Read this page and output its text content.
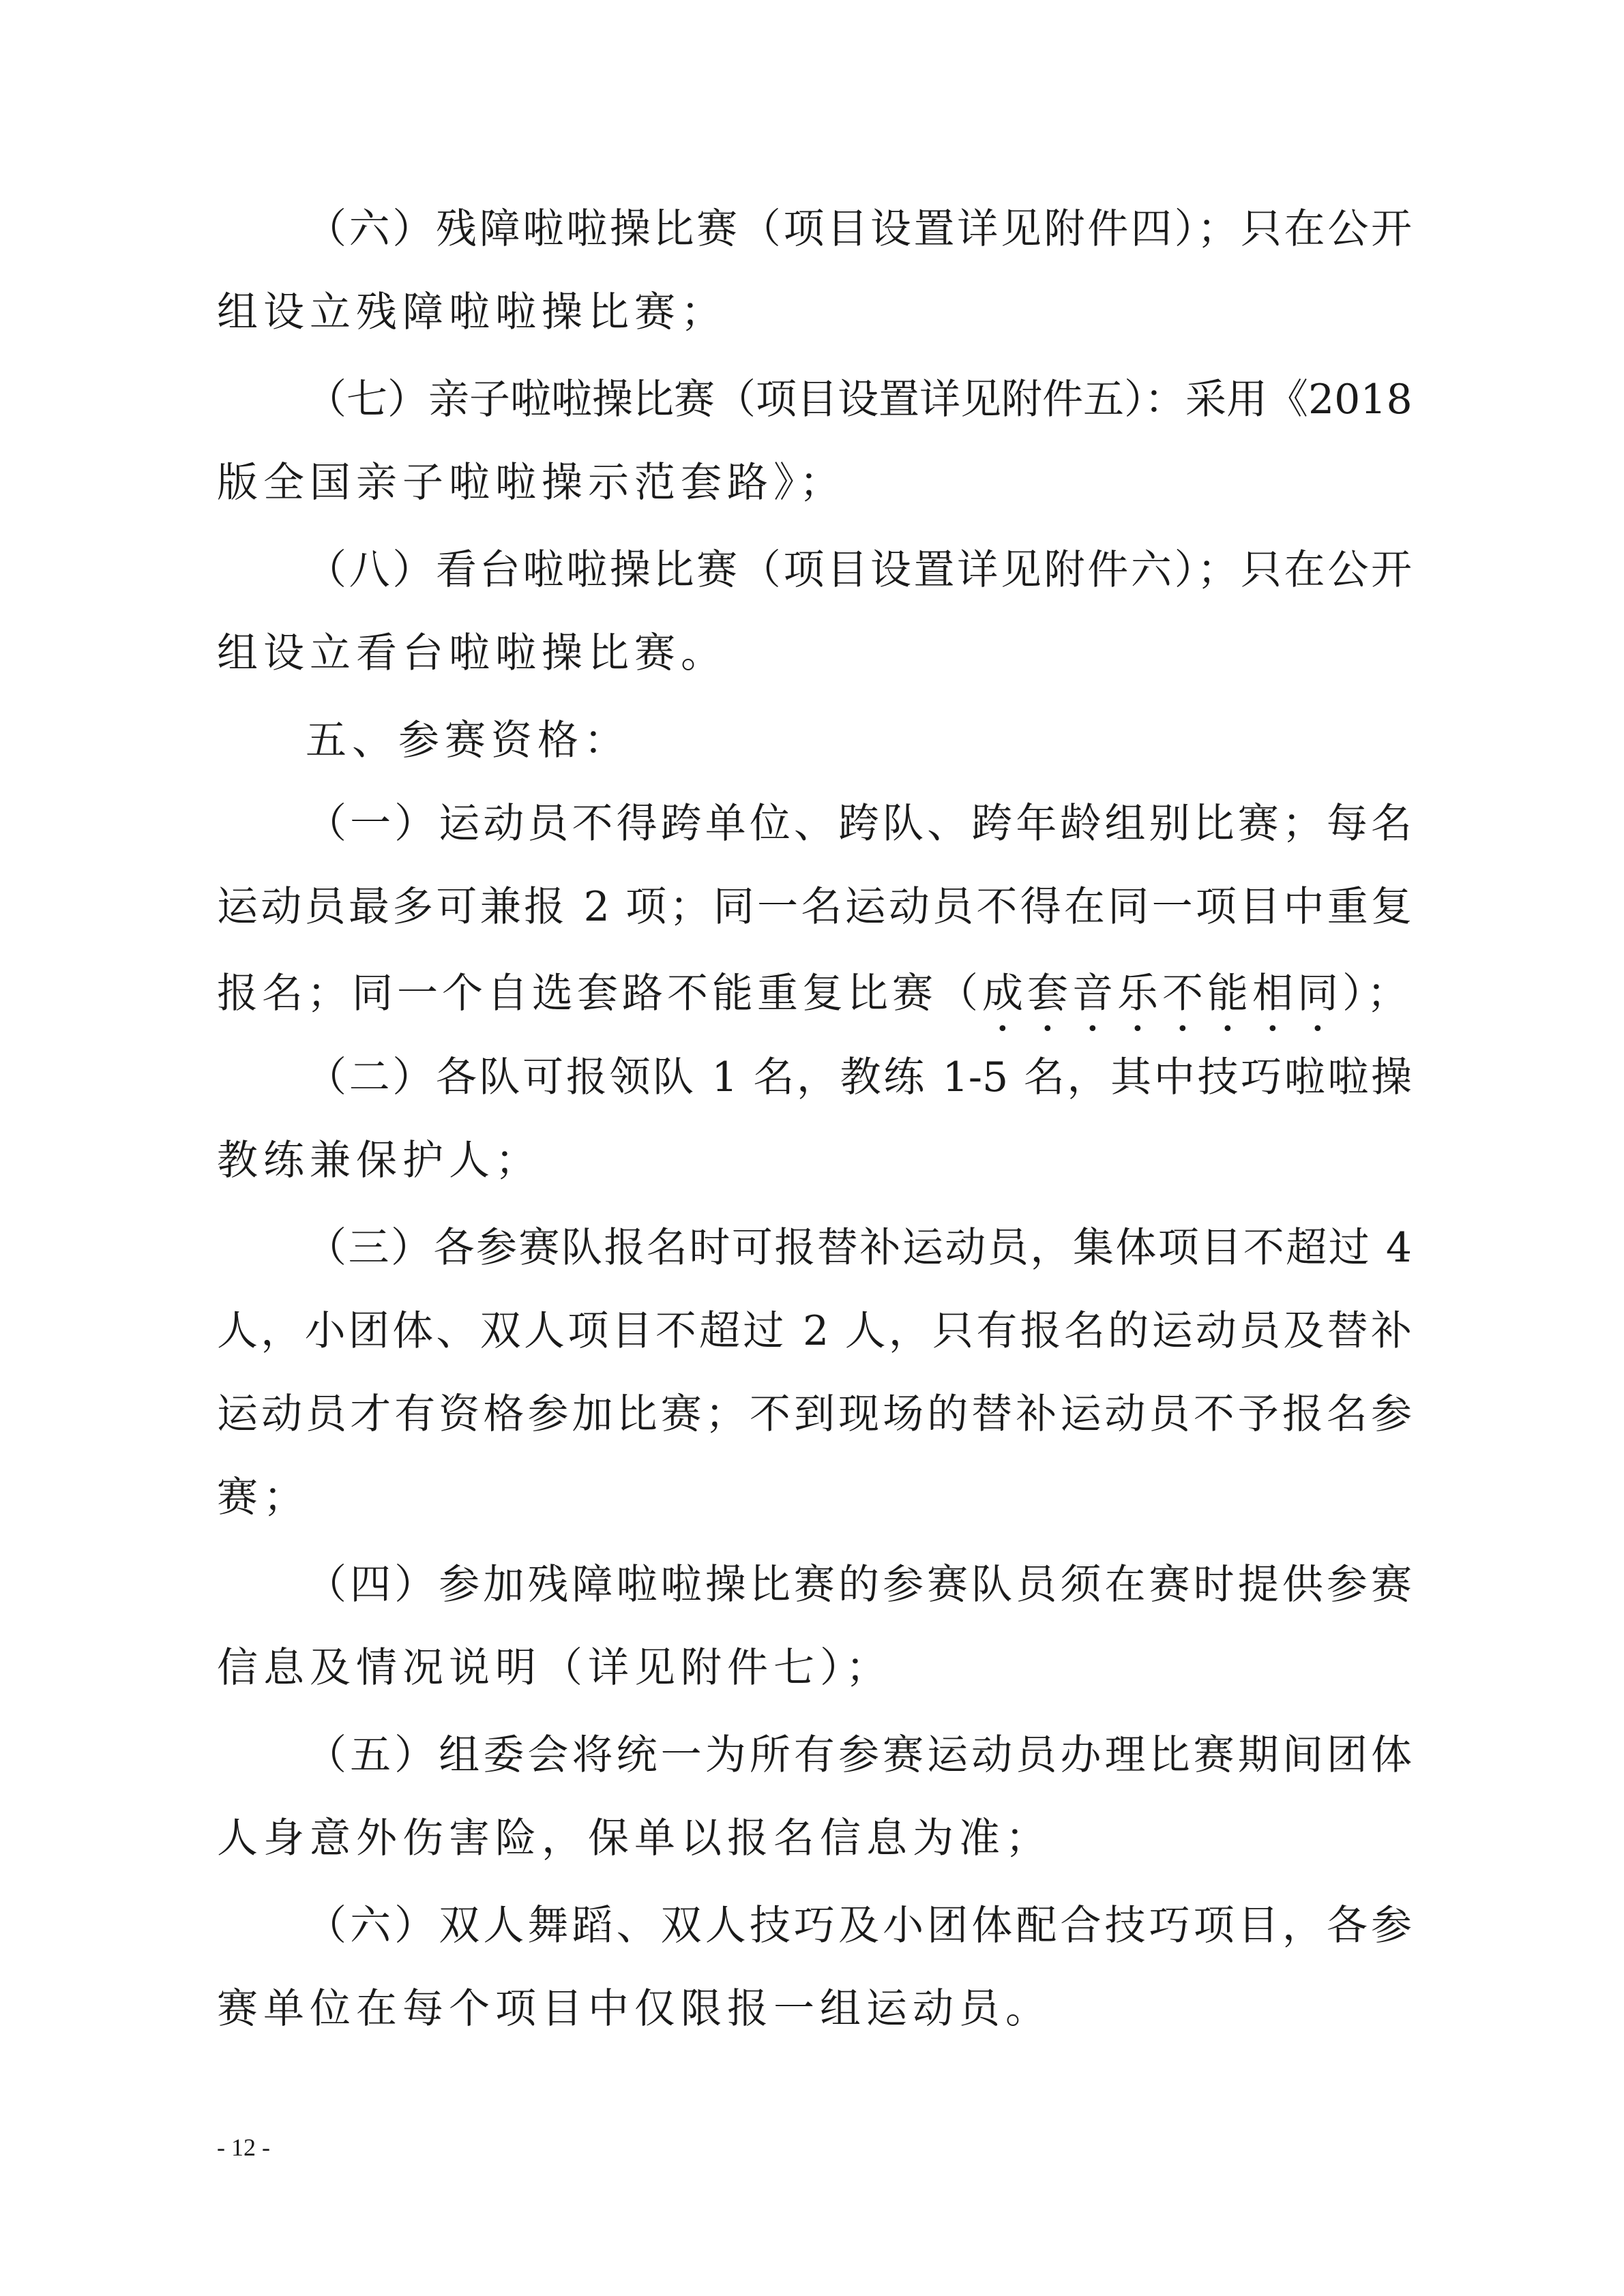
（六）残障啦啦操比赛（项目设置详见附件四）；只在公开
组设立残障啦啦操比赛；
（七）亲子啦啦操比赛（项目设置详见附件五）：采用《2018
版全国亲子啦啦操示范套路》；
（八）看台啦啦操比赛（项目设置详见附件六）；只在公开
组设立看台啦啦操比赛。
五、参赛资格：
（一）运动员不得跨单位、跨队、跨年龄组别比赛；每名
运动员最多可兼报 2 项；同一名运动员不得在同一项目中重复
报名；同一个自选套路不能重复比赛（成套音乐不能相同）；
（二）各队可报领队 1 名，教练 1-5 名，其中技巧啦啦操
教练兼保护人；
（三）各参赛队报名时可报替补运动员，集体项目不超过 4
人，小团体、双人项目不超过 2 人，只有报名的运动员及替补
运动员才有资格参加比赛；不到现场的替补运动员不予报名参
赛；
（四）参加残障啦啦操比赛的参赛队员须在赛时提供参赛
信息及情况说明（详见附件七）；
（五）组委会将统一为所有参赛运动员办理比赛期间团体
人身意外伤害险，保单以报名信息为准；
（六）双人舞蹈、双人技巧及小团体配合技巧项目，各参
赛单位在每个项目中仅限报一组运动员。
- 12 -
